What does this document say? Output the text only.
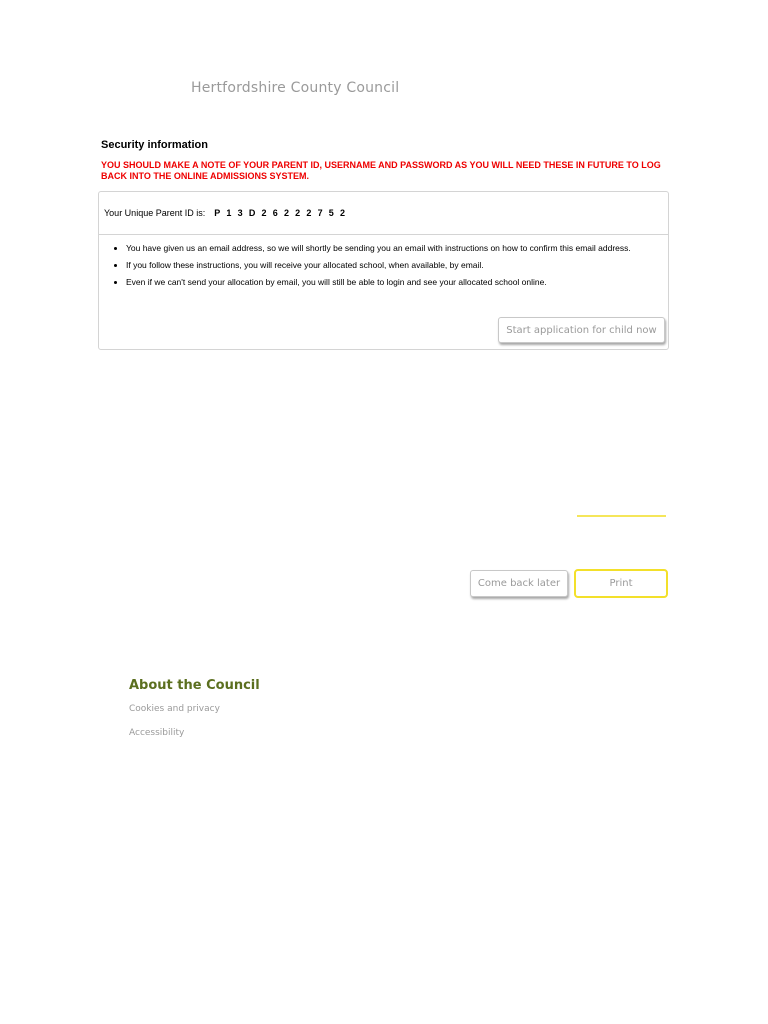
Hertfordshire County Council
Security information
YOU SHOULD MAKE A NOTE OF YOUR PARENT ID, USERNAME AND PASSWORD AS YOU WILL NEED THESE IN FUTURE TO LOG BACK INTO THE ONLINE ADMISSIONS SYSTEM.
Your Unique Parent ID is: P13D26222752
• You have given us an email address, so we will shortly be sending you an email with instructions on how to confirm this email address.
• If you follow these instructions, you will receive your allocated school, when available, by email.
• Even if we can't send your allocation by email, you will still be able to login and see your allocated school online.
Start application for child now
Come back later	Print
About the Council
Cookies and privacy
Accessibility
